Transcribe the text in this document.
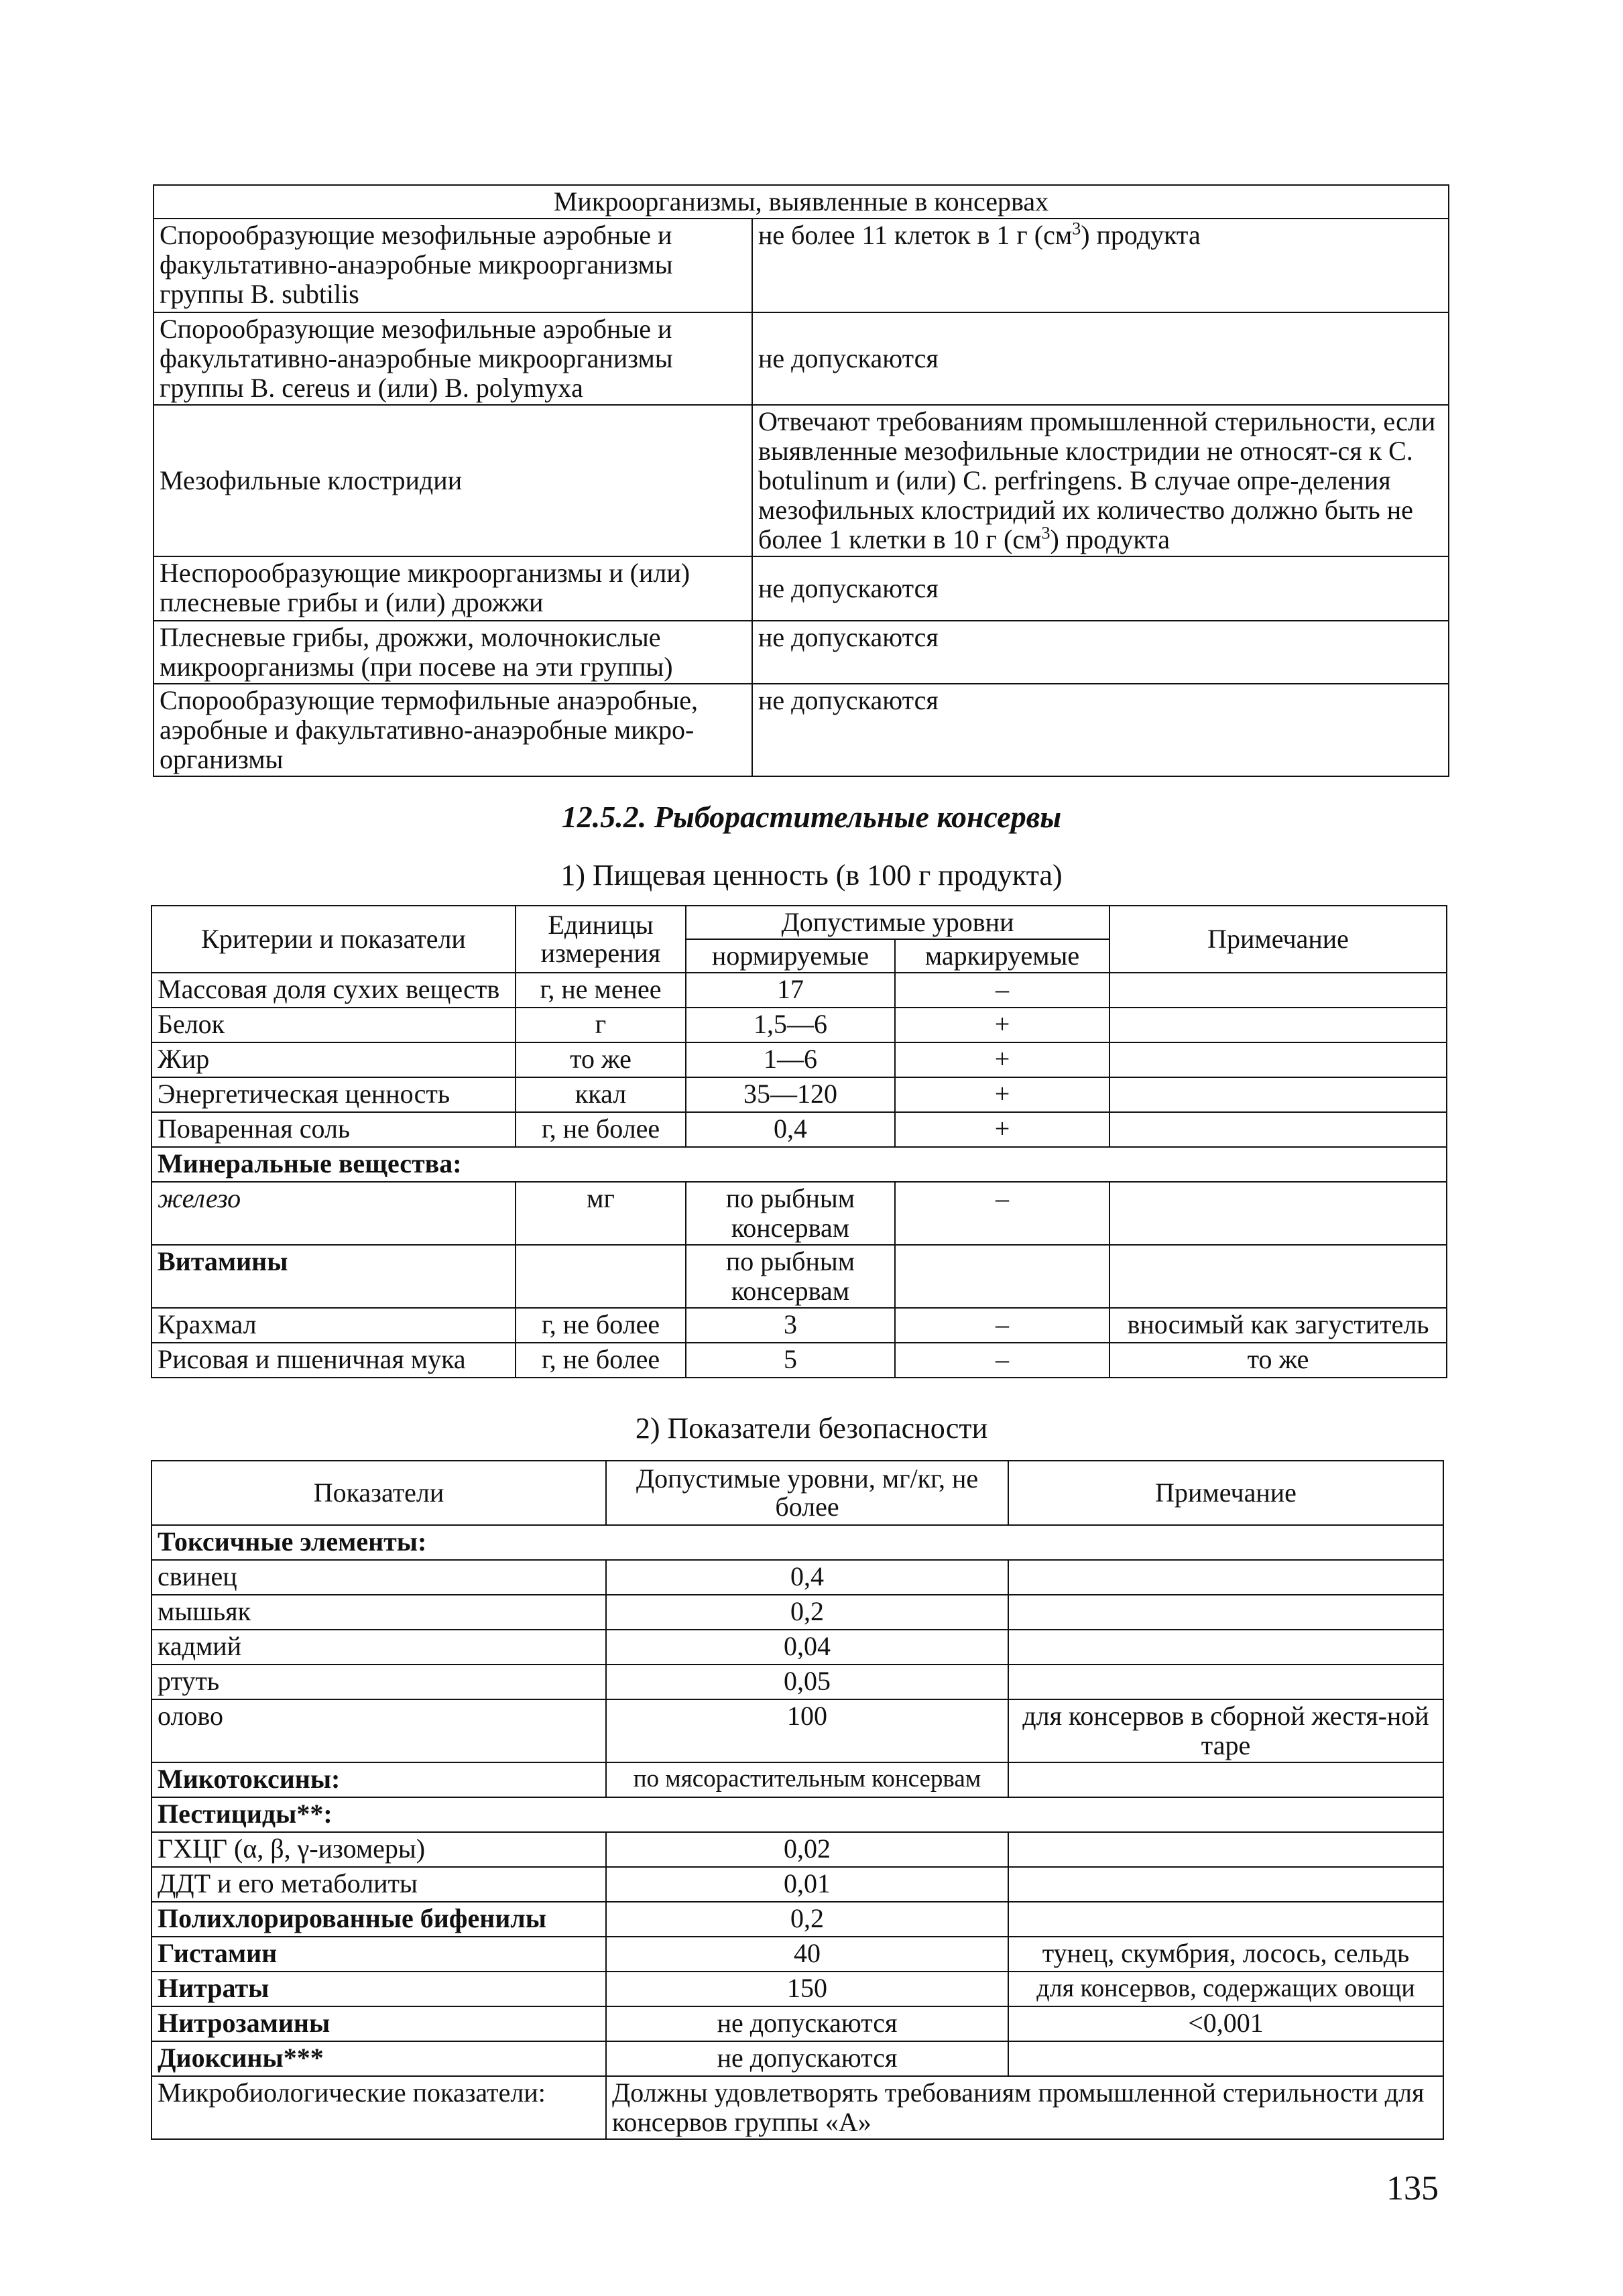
Микроорганизмы, выявленные в консервах	
Спорообразующие мезофильные аэробные и факультативно-анаэробные микроорганизмы группы B. subtilis	не более 11 клеток в 1 г $(см^3)$ продукта
Спорообразующие мезофильные аэробные и факультативно-анаэробные микроорганизмы группы B. cereus и (или) B. polymyxa	не допускаются
Мезофильные клостридии	Отвечают требованиям промышленной стерильности, если выявленные мезофильные клостридии не относят-ся к C. botulinum и (или) C. perfringens. В случае опре-деления мезофильных клостридий их количество должно быть не более 1 клетки в 10 г $(см^3)$ продукта
Неспорообразующие микроорганизмы и (или) плесневые грибы и (или) дрожжи	не допускаются
Плесневые грибы, дрожжи, молочнокислые микроорганизмы (при посеве на эти группы)	не допускаются
Спорообразующие термофильные анаэробные, аэробные и факультативно-анаэробные микро-организмы	не допускаются
12.5.2. Рыборастительные консервы
1) Пищевая ценность (в 100 г продукта)
Критерии и показатели	Единицы измерения	Допустимые уровни		Примечание
		нормируемые	маркируемые	
Массовая доля сухих веществ	г, не менее	17	–	
Белок	г	1,5—6	+	
Жир	то же	1—6	+	
Энергетическая ценность	ккал	35—120	+	
Поваренная соль	г, не более	0,4	+	
Минеральные вещества:				
железо	мг	по рыбным консервам	–	
Витамины		по рыбным консервам		
Крахмал	г, не более	3	–	вносимый как загуститель
Рисовая и пшеничная мука	г, не более	5	–	то же
2) Показатели безопасности
Показатели	Допустимые уровни, мг/кг, не более	Примечание
Токсичные элементы:		
свинец	0,4	
мышьяк	0,2	
кадмий	0,04	
ртуть	0,05	
олово	100	для консервов в сборной жестя-ной таре
Микотоксины:	по мясорастительным консервам	
Пестициды**:		
ГХЦГ (α, β, γ-изомеры)	0,02	
ДДТ и его метаболиты	0,01	
Полихлорированные бифенилы	0,2	
Гистамин	40	тунец, скумбрия, лосось, сельдь
Нитраты	150	для консервов, содержащих овощи
Нитрозамины	не допускаются	<0,001
Диоксины***	не допускаются	
Микробиологические показатели:	Должны удовлетворять требованиям промышленной стерильности для консервов группы «А»	
135
